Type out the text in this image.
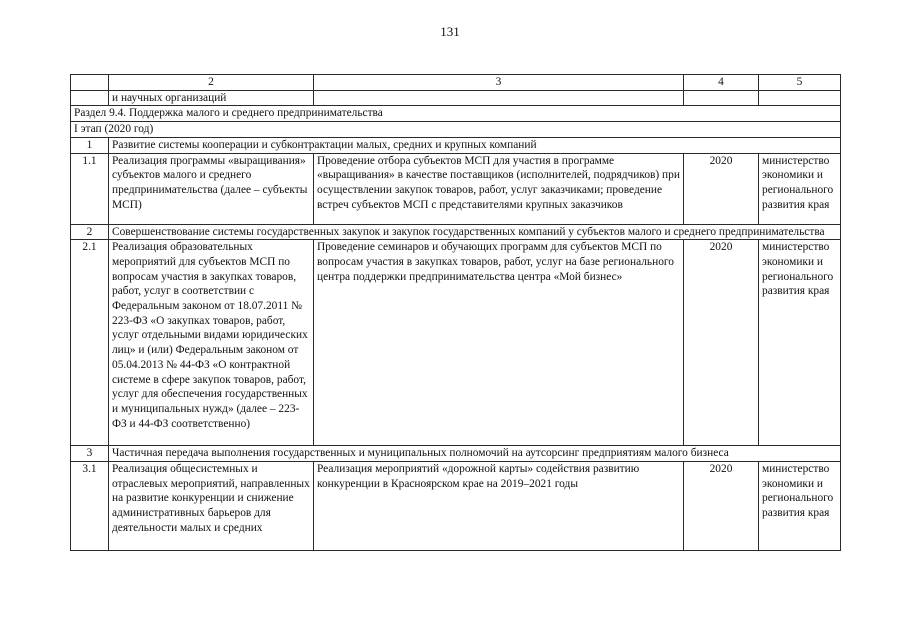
131
	2	3	4	5
	и научных организаций			
Раздел 9.4. Поддержка малого и среднего предпринимательства				
I этап (2020 год)				
1	Развитие системы кооперации и субконтрактации малых, средних и крупных компаний			
1.1	Реализация программы «выращивания» субъектов малого и среднего предпринимательства (далее – субъекты МСП)	Проведение отбора субъектов МСП для участия в программе «выращивания» в качестве поставщиков (исполнителей, подрядчиков) при осуществлении закупок товаров, работ, услуг заказчиками; проведение встреч субъектов МСП с представителями крупных заказчиков	2020	министерство экономики и регионального развития края
2	Совершенствование системы государственных закупок и закупок государственных компаний у субъектов малого и среднего предпринимательства			
2.1	Реализация образовательных мероприятий для субъектов МСП по вопросам участия в закупках товаров, работ, услуг в соответствии с Федеральным законом от 18.07.2011 № 223-ФЗ «О закупках товаров, работ, услуг отдельными видами юридических лиц» и (или) Федеральным законом от 05.04.2013 № 44-ФЗ «О контрактной системе в сфере закупок товаров, работ, услуг для обеспечения государственных и муниципальных нужд» (далее – 223-ФЗ и 44-ФЗ соответственно)	Проведение семинаров и обучающих программ для субъектов МСП по вопросам участия в закупках товаров, работ, услуг на базе регионального центра поддержки предпринимательства центра «Мой бизнес»	2020	министерство экономики и регионального развития края
3	Частичная передача выполнения государственных и муниципальных полномочий на аутсорсинг предприятиям малого бизнеса			
3.1	Реализация общесистемных и отраслевых мероприятий, направленных на развитие конкуренции и снижение административных барьеров для деятельности малых и средних	Реализация мероприятий «дорожной карты» содействия развитию конкуренции в Красноярском крае на 2019–2021 годы	2020	министерство экономики и регионального развития края
